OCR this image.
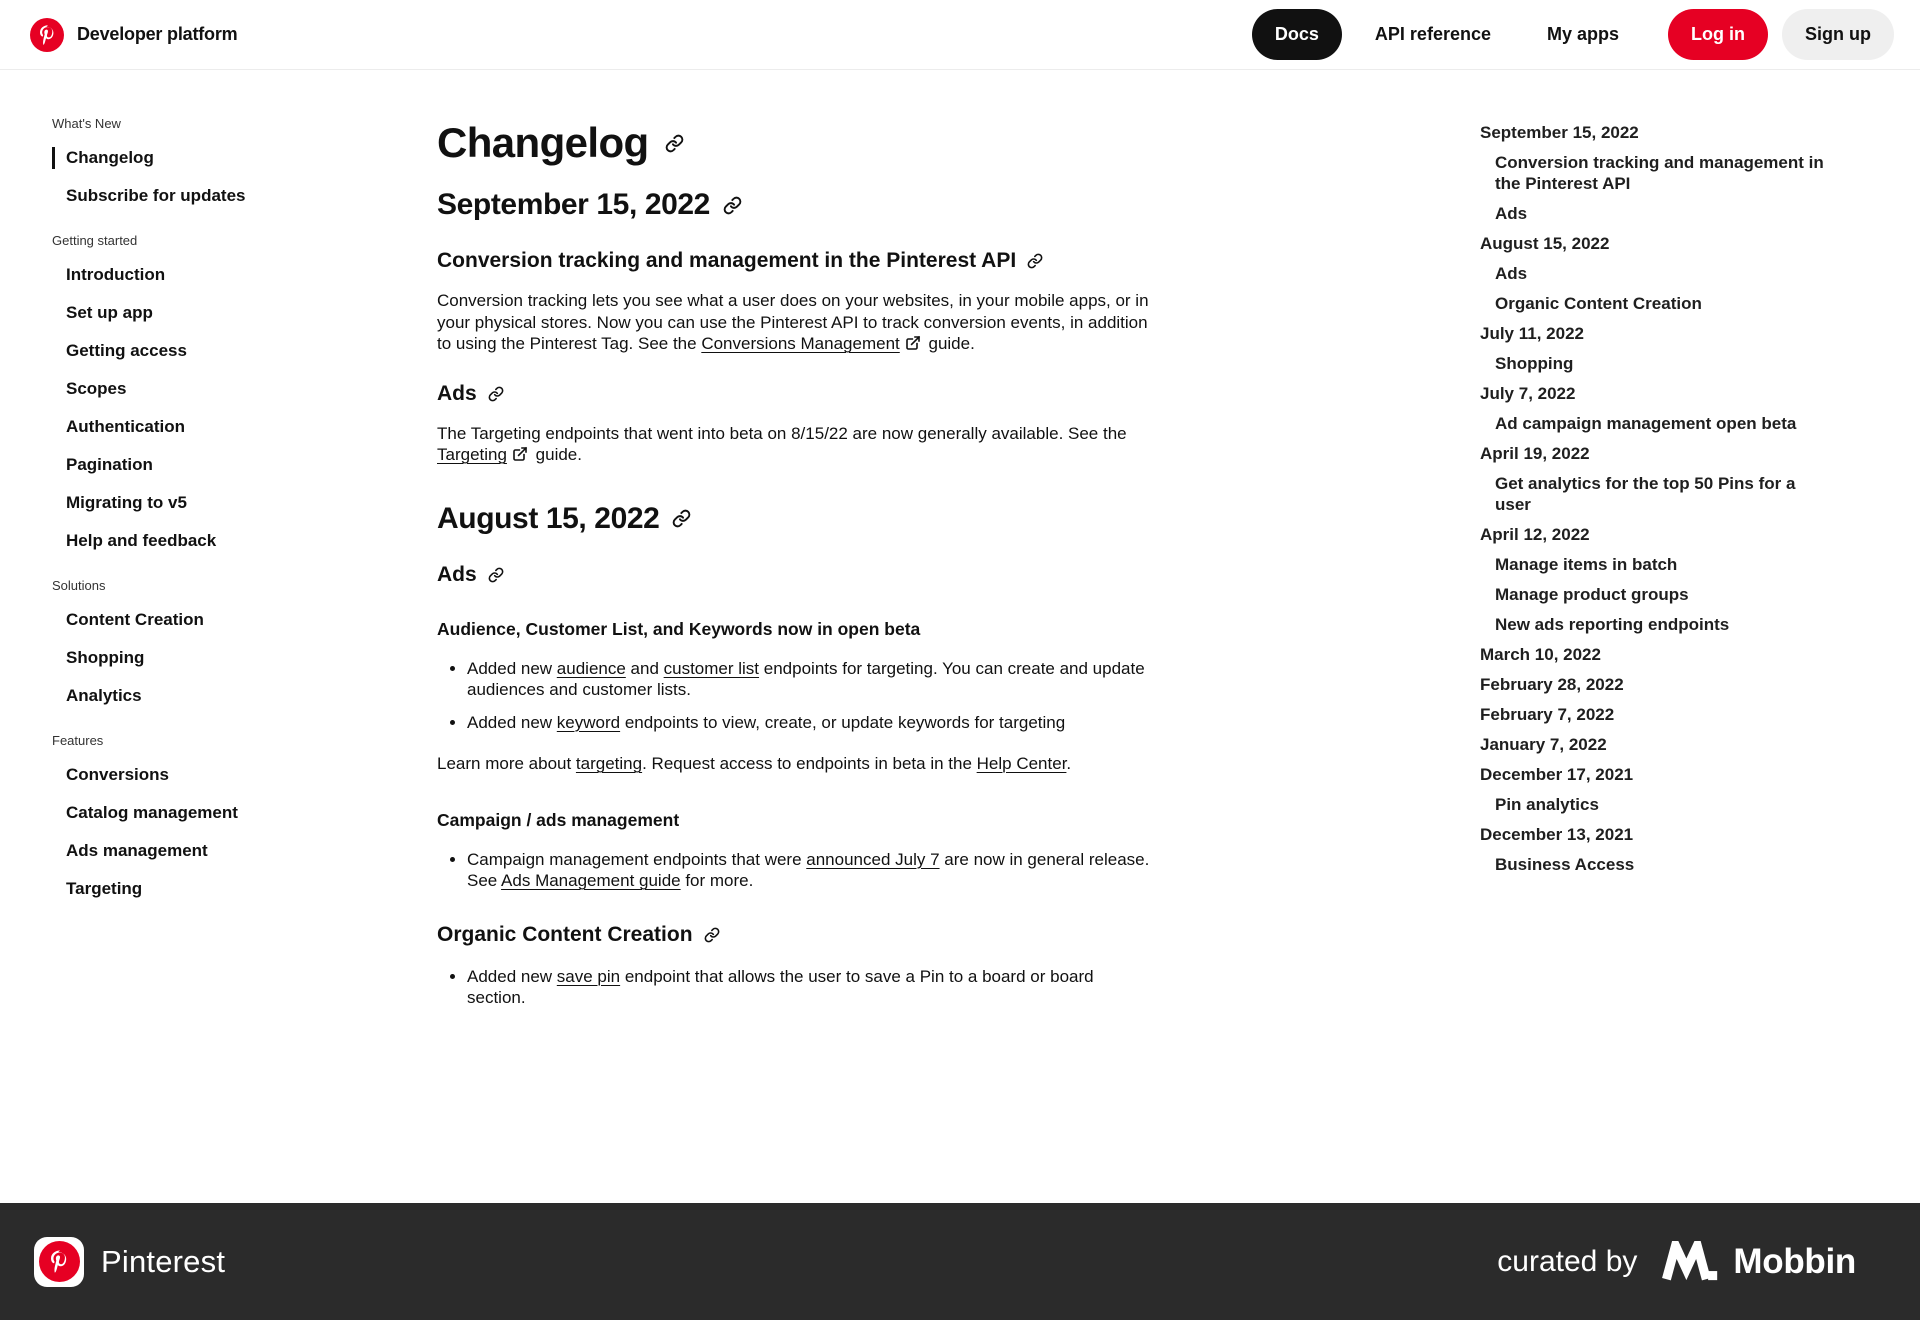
Developer platform	Docs	API reference	My apps	Log in	Sign up
What's New
Changelog
Subscribe for updates
Getting started
Introduction
Set up app
Getting access
Scopes
Authentication
Pagination
Migrating to v5
Help and feedback
Solutions
Content Creation
Shopping
Analytics
Features
Conversions
Catalog management
Ads management
Targeting
Changelog
September 15, 2022
Conversion tracking and management in the Pinterest API

Conversion tracking lets you see what a user does on your websites, in your mobile apps, or in your physical stores. Now you can use the Pinterest API to track conversion events, in addition to using the Pinterest Tag. See the Conversions Management guide.

Ads

The Targeting endpoints that went into beta on 8/15/22 are now generally available. See the Targeting guide.

August 15, 2022
Ads
Audience, Customer List, and Keywords now in open beta
• Added new audience and customer list endpoints for targeting. You can create and update audiences and customer lists.
• Added new keyword endpoints to view, create, or update keywords for targeting

Learn more about targeting. Request access to endpoints in beta in the Help Center.

Campaign / ads management
• Campaign management endpoints that were announced July 7 are now in general release. See Ads Management guide for more.
Organic Content Creation
• Added new save pin endpoint that allows the user to save a Pin to a board or board section.
September 15, 2022
Conversion tracking and management in the Pinterest API
Ads
August 15, 2022
Ads
Organic Content Creation
July 11, 2022
Shopping
July 7, 2022
Ad campaign management open beta
April 19, 2022
Get analytics for the top 50 Pins for a user
April 12, 2022
Manage items in batch
Manage product groups
New ads reporting endpoints
March 10, 2022
February 28, 2022
February 7, 2022
January 7, 2022
December 17, 2021
Pin analytics
December 13, 2021
Business Access
Pinterest	curated by	Mobbin
